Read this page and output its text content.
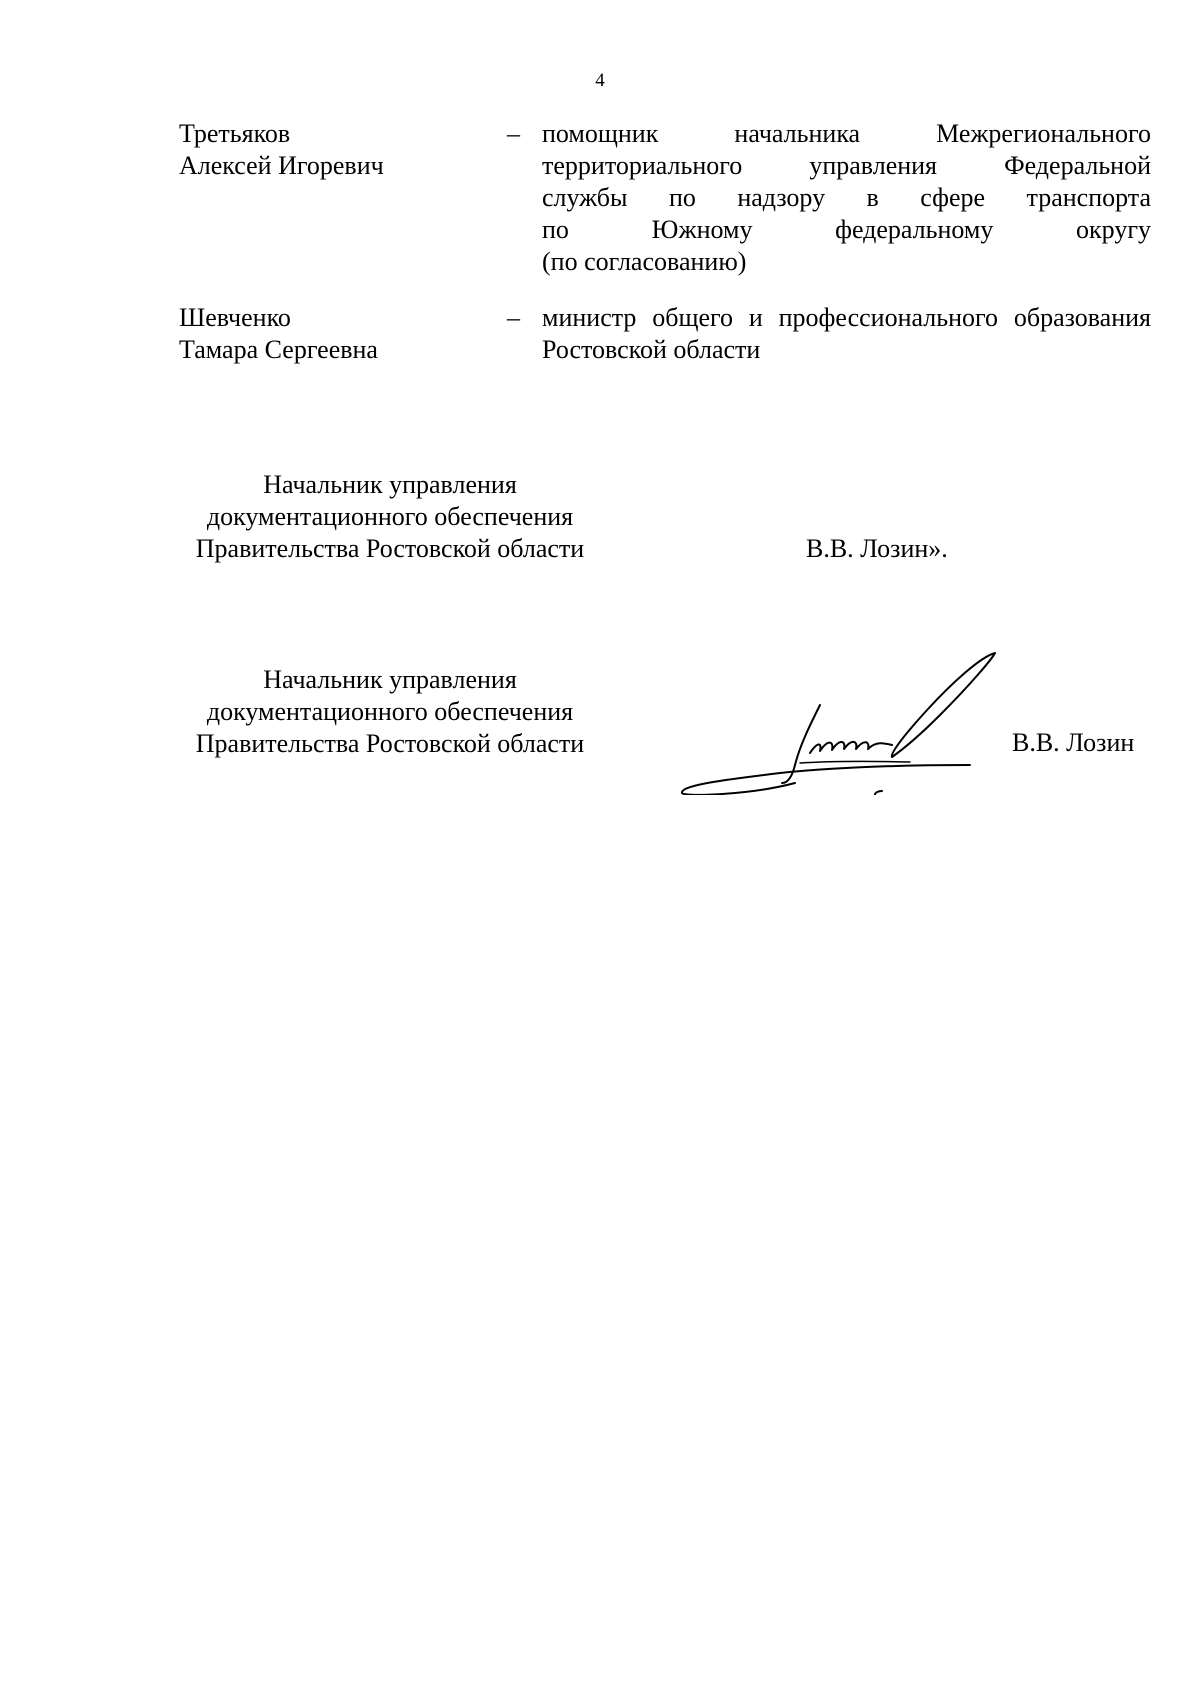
4
Третьяков
Алексей Игоревич
– помощник начальника Межрегионального
территориального управления Федеральной
службы по надзору в сфере транспорта
по Южному федеральному округу
(по согласованию)
Шевченко
Тамара Сергеевна
– министр общего и профессионального образования
Ростовской области
Начальник управления
документационного обеспечения
Правительства Ростовской области	В.В. Лозин».
Начальник управления
документационного обеспечения
Правительства Ростовской области	В.В. Лозин
